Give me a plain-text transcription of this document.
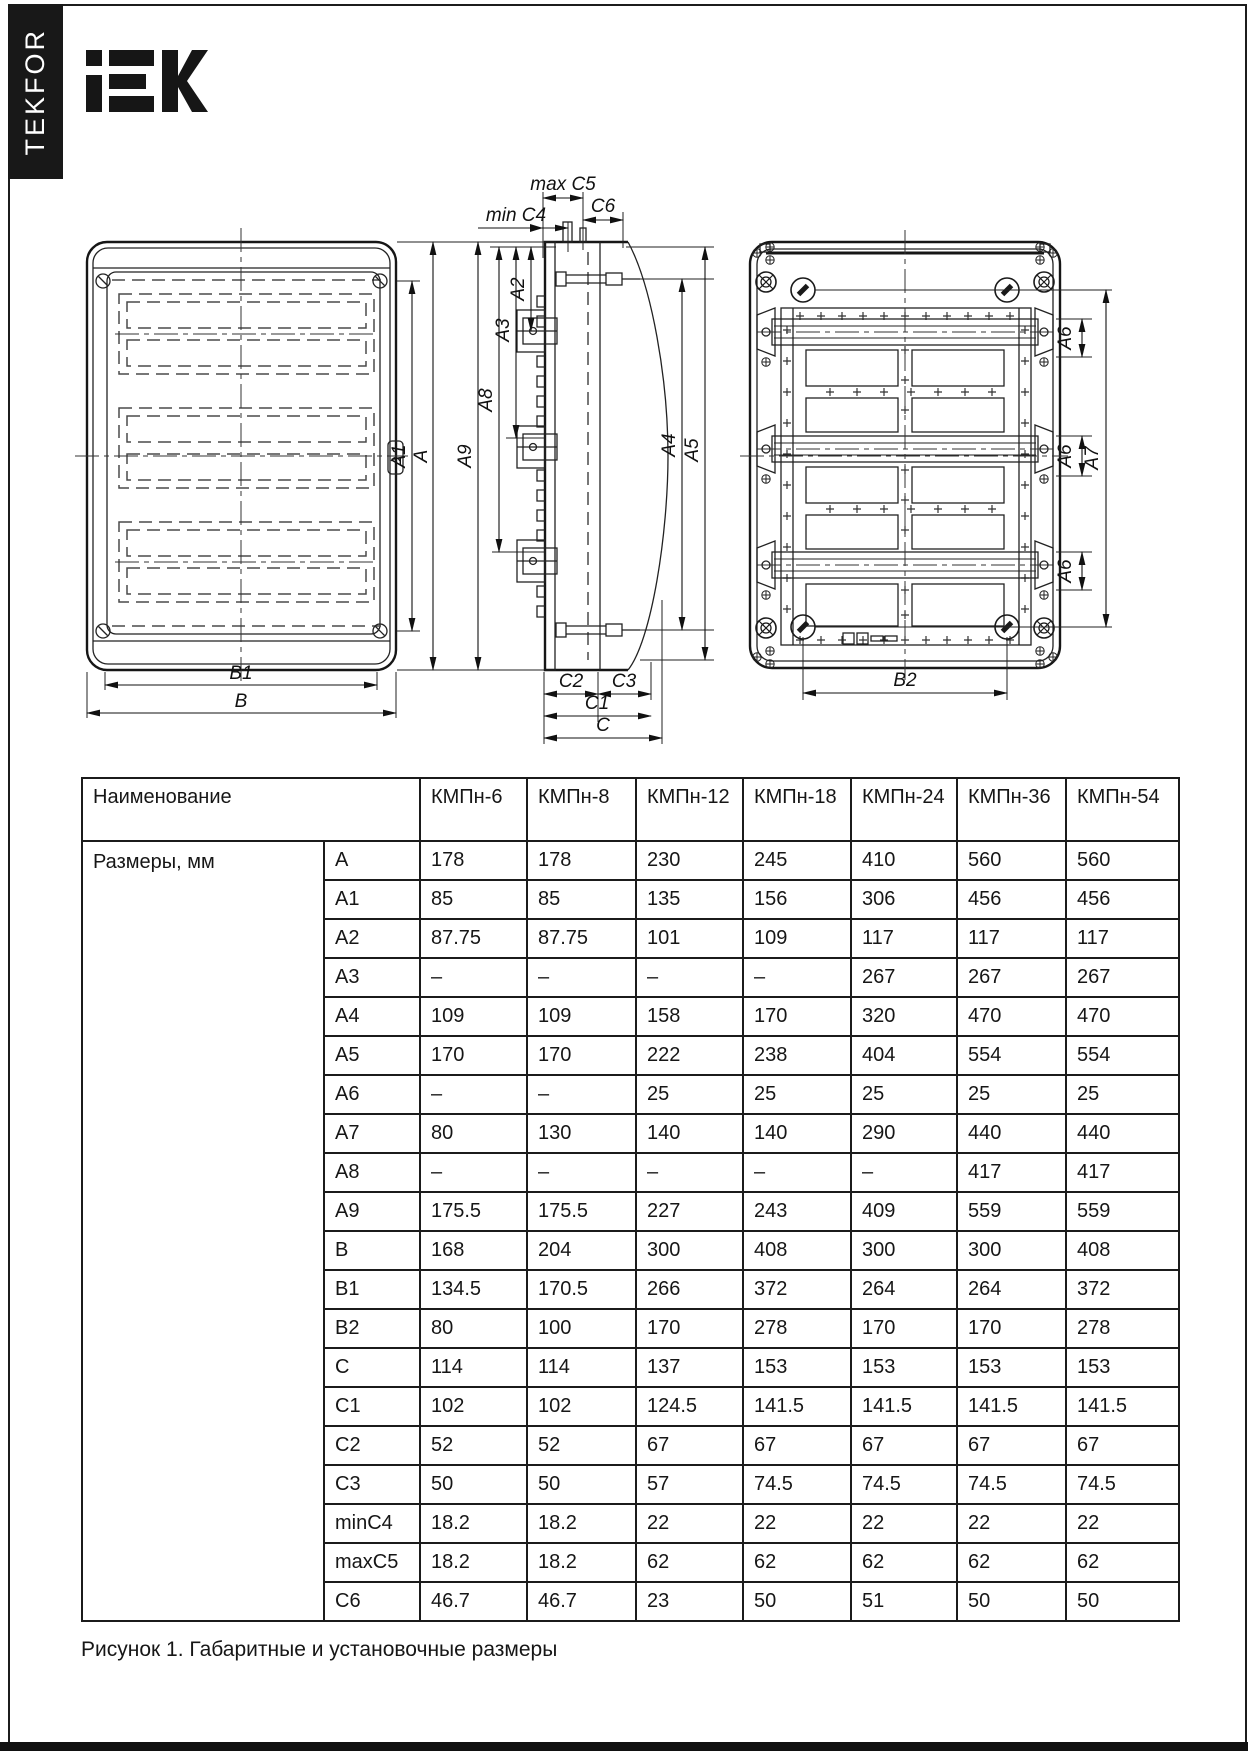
TEKFOR
A1 A
B1
B
max C5
min C4 C6
A9
A8
A3
A2
A4 A5
C2 C3
C1
C
A6
A6
A6
A7
B2
Наименование		КМПн-6	КМПн-8	КМПн-12	КМПн-18	КМПн-24	КМПн-36	КМПн-54
Размеры, мм	A	178	178	230	245	410	560	560
	A1	85	85	135	156	306	456	456
	A2	87.75	87.75	101	109	117	117	117
	A3	–	–	–	–	267	267	267
	A4	109	109	158	170	320	470	470
	A5	170	170	222	238	404	554	554
	A6	–	–	25	25	25	25	25
	A7	80	130	140	140	290	440	440
	A8	–	–	–	–	–	417	417
	A9	175.5	175.5	227	243	409	559	559
	B	168	204	300	408	300	300	408
	B1	134.5	170.5	266	372	264	264	372
	B2	80	100	170	278	170	170	278
	C	114	114	137	153	153	153	153
	C1	102	102	124.5	141.5	141.5	141.5	141.5
	C2	52	52	67	67	67	67	67
	C3	50	50	57	74.5	74.5	74.5	74.5
	minC4	18.2	18.2	22	22	22	22	22
	maxC5	18.2	18.2	62	62	62	62	62
	C6	46.7	46.7	23	50	51	50	50
Рисунок 1. Габаритные и установочные размеры
